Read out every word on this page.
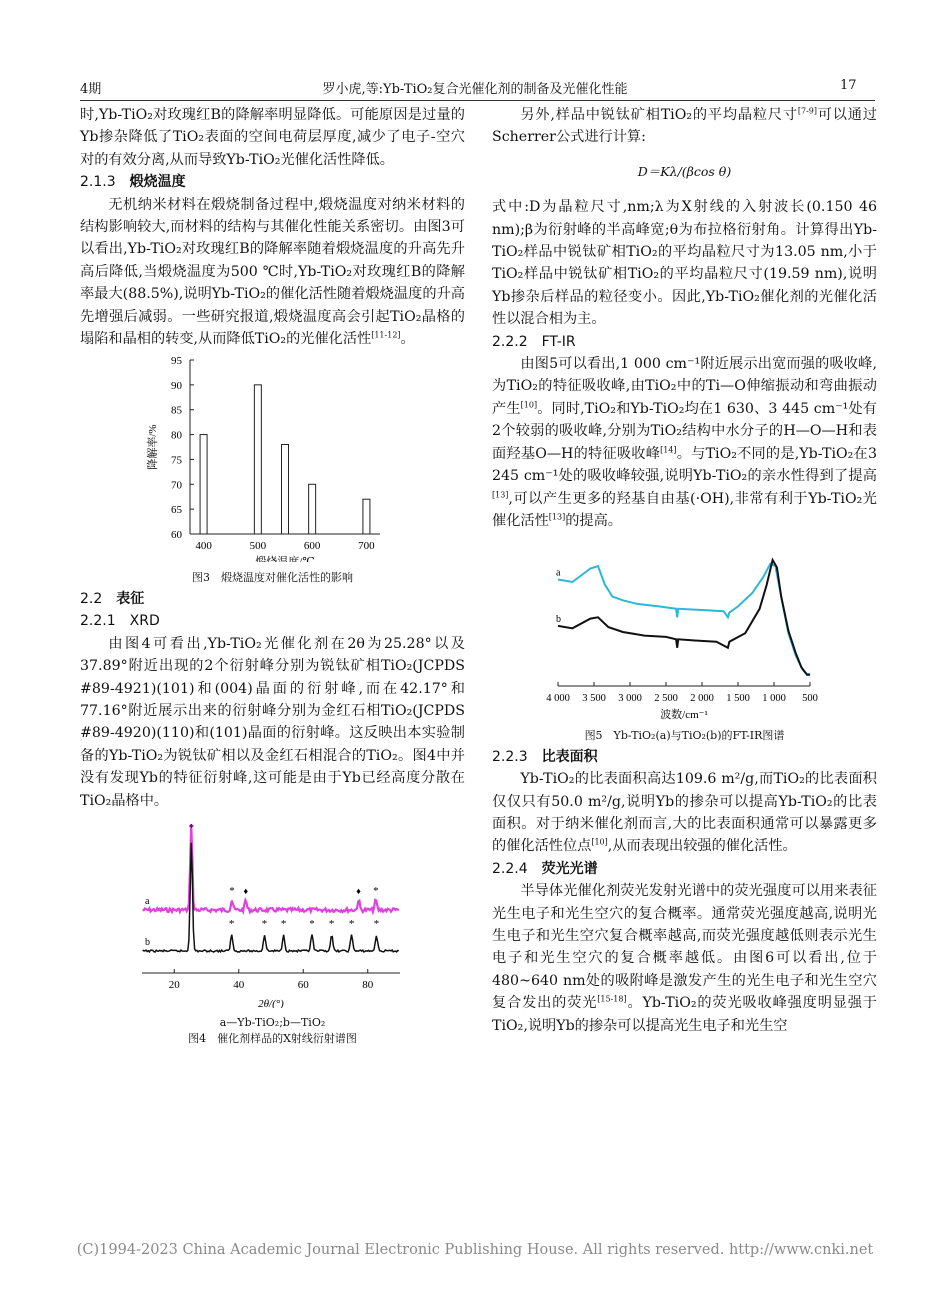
4期	罗小虎,等:Yb-TiO₂复合光催化剂的制备及光催化性能	17

时,Yb-TiO₂对玫瑰红B的降解率明显降低。可能原因是过量的Yb掺杂降低了TiO₂表面的空间电荷层厚度,减少了电子-空穴对的有效分离,从而导致Yb-TiO₂光催化活性降低。

2.1.3 煅烧温度

无机纳米材料在煅烧制备过程中,煅烧温度对纳米材料的结构影响较大,而材料的结构与其催化性能关系密切。由图3可以看出,Yb-TiO₂对玫瑰红B的降解率随着煅烧温度的升高先升高后降低,当煅烧温度为500 ℃时,Yb-TiO₂对玫瑰红B的降解率最大(88.5%),说明Yb-TiO₂的催化活性随着煅烧温度的升高先增强后减弱。一些研究报道,煅烧温度高会引起TiO₂晶格的塌陷和晶相的转变,从而降低TiO₂的光催化活性[11-12]。

60
65
70
75
80
85
90
95
400	500	600	700
煅烧温度/℃
降解率/%
图3　煅烧温度对催化活性的影响

2.2 表征

2.2.1 XRD

由图4可看出,Yb-TiO₂光催化剂在2θ为25.28°以及37.89°附近出现的2个衍射峰分别为锐钛矿相TiO₂(JCPDS #89-4921)(101)和(004)晶面的衍射峰,而在42.17°和77.16°附近展示出来的衍射峰分别为金红石相TiO₂(JCPDS #89-4920)(110)和(101)晶面的衍射峰。这反映出本实验制备的Yb-TiO₂为锐钛矿相以及金红石相混合的TiO₂。图4中并没有发现Yb的特征衍射峰,这可能是由于Yb已经高度分散在TiO₂晶格中。

20	40	60	80
2θ/(°)
a
* ♦	♦ *
b
*
* * * * * * *
a—Yb-TiO₂;b—TiO₂
图4　催化剂样品的X射线衍射谱图

另外,样品中锐钛矿相TiO₂的平均晶粒尺寸[7-9]可以通过Scherrer公式进行计算:

D＝Kλ/(βcos θ)

式中:D为晶粒尺寸,nm;λ为X射线的入射波长(0.150 46 nm);β为衍射峰的半高峰宽;θ为布拉格衍射角。计算得出Yb-TiO₂样品中锐钛矿相TiO₂的平均晶粒尺寸为13.05 nm,小于TiO₂样品中锐钛矿相TiO₂的平均晶粒尺寸(19.59 nm),说明Yb掺杂后样品的粒径变小。因此,Yb-TiO₂催化剂的光催化活性以混合相为主。

2.2.2 FT-IR

由图5可以看出,1 000 cm⁻¹附近展示出宽而强的吸收峰,为TiO₂的特征吸收峰,由TiO₂中的Ti—O伸缩振动和弯曲振动产生[10]。同时,TiO₂和Yb-TiO₂均在1 630、3 445 cm⁻¹处有2个较弱的吸收峰,分别为TiO₂结构中水分子的H—O—H和表面羟基O—H的特征吸收峰[14]。与TiO₂不同的是,Yb-TiO₂在3 245 cm⁻¹处的吸收峰较强,说明Yb-TiO₂的亲水性得到了提高[13],可以产生更多的羟基自由基(·OH),非常有利于Yb-TiO₂光催化活性[13]的提高。

4 000 3 500 3 000 2 500 2 000 1 500 1 000 500
波数/cm⁻¹
a
b
图5　Yb-TiO₂(a)与TiO₂(b)的FT-IR图谱

2.2.3 比表面积

Yb-TiO₂的比表面积高达109.6 m²/g,而TiO₂的比表面积仅仅只有50.0 m²/g,说明Yb的掺杂可以提高Yb-TiO₂的比表面积。对于纳米催化剂而言,大的比表面积通常可以暴露更多的催化活性位点[10],从而表现出较强的催化活性。

2.2.4 荧光光谱

半导体光催化剂荧光发射光谱中的荧光强度可以用来表征光生电子和光生空穴的复合概率。通常荧光强度越高,说明光生电子和光生空穴复合概率越高,而荧光强度越低则表示光生电子和光生空穴的复合概率越低。由图6可以看出,位于480~640 nm处的吸附峰是激发产生的光生电子和光生空穴复合发出的荧光[15-18]。Yb-TiO₂的荧光吸收峰强度明显强于TiO₂,说明Yb的掺杂可以提高光生电子和光生空

(C)1994-2023 China Academic Journal Electronic Publishing House. All rights reserved. http://www.cnki.net
